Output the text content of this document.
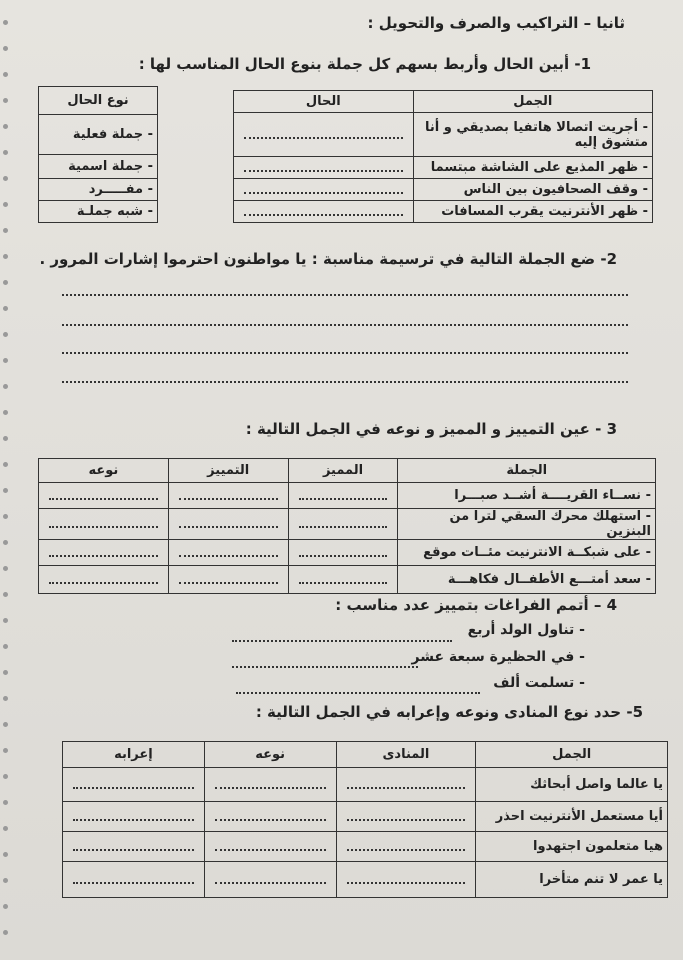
ثانيا – التراكيب والصرف والتحويل :
1- أبين الحال وأربط بسهم كل جملة بنوع الحال المناسب لها :
الجمل	الحال
- أجريت اتصالا هاتفيا بصديقي و أنا متشوق إليه	

- ظهر المذيع على الشاشة مبتسما	

- وقف الصحافيون بين الناس	

- ظهر الأنترنيت يقرب المسافات	
نوع الحال
- جملة فعلية
- جملة اسمية
- مفـــــرد
- شبه جملـة
2- ضع الجملة التالية في ترسيمة مناسبة : يا مواطنون احترموا إشارات المرور .
3 - عين التمييز و المميز و نوعه في الجمل التالية :
الجملة	المميز	التمييز	نوعه
- نســاء القريــــة أشــد صبـــرا	

- استهلك محرك السقي لترا من البنزين	

- على شبكــة الانترنيت مئــات موقع	

- سعد أمتـــع الأطفــال فكاهـــة	

4 – أتمم الفراغات بتمييز عدد مناسب :
- تناول الولد أربع
- في الحظيرة سبعة عشر
- تسلمت ألف
5- حدد نوع المنادى ونوعه وإعرابه في الجمل التالية :
الجمل	المنادى	نوعه	إعرابه
يا عالما واصل أبحاثك	

أيا مستعمل الأنترنيت احذر	

هيا متعلمون اجتهدوا	

يا عمر لا تنم متأخرا	
